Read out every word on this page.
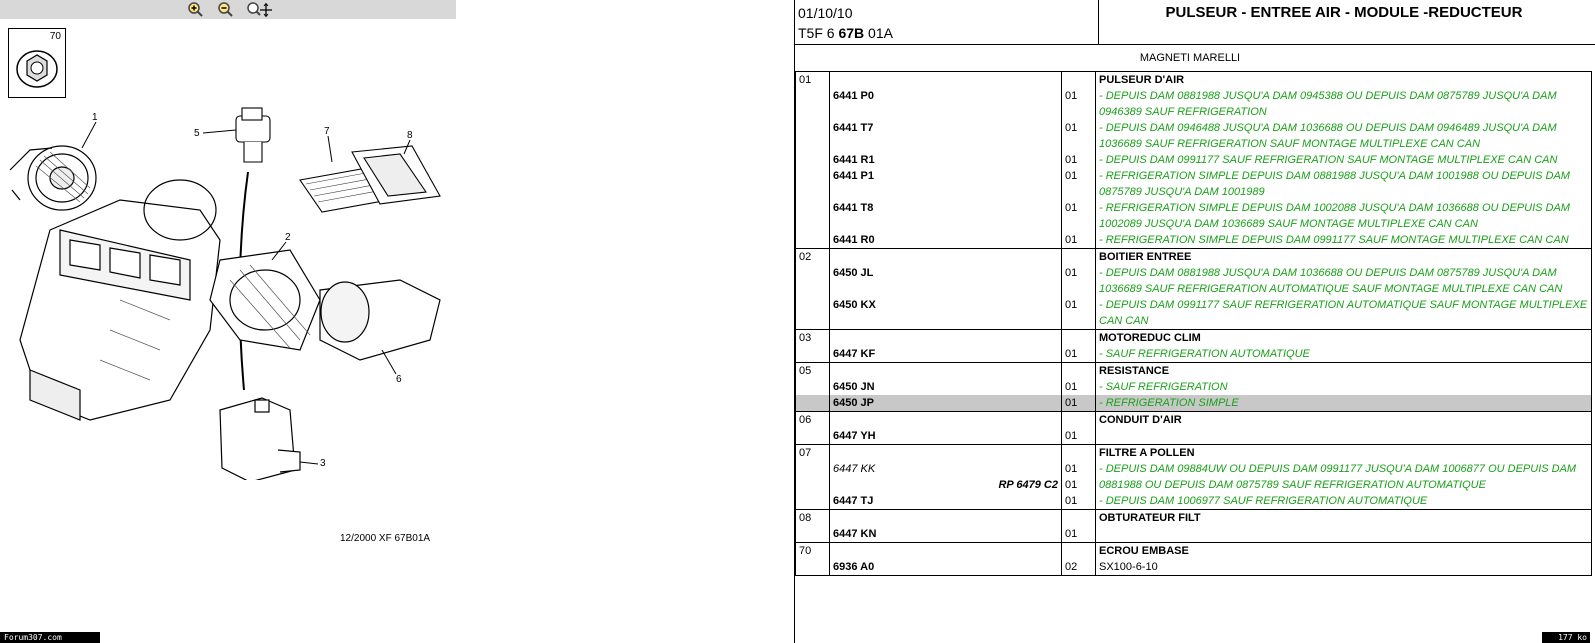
70
1
5	7	8
2
6
3
12/2000 XF 67B01A
Forum307.com
01/10/10
T5F 6 67B 01A
PULSEUR - ENTREE AIR - MODULE -REDUCTEUR
MAGNETI MARELLI
01			PULSEUR D'AIR

	6441 P0	01	- DEPUIS DAM 0881988 JUSQU'A DAM 0945388 OU DEPUIS DAM 0875789 JUSQU'A DAM 0946389 SAUF REFRIGERATION

	6441 T7	01	- DEPUIS DAM 0946488 JUSQU'A DAM 1036688 OU DEPUIS DAM 0946489 JUSQU'A DAM 1036689 SAUF REFRIGERATION SAUF MONTAGE MULTIPLEXE CAN CAN

	6441 R1	01	- DEPUIS DAM 0991177 SAUF REFRIGERATION SAUF MONTAGE MULTIPLEXE CAN CAN

	6441 P1	01	- REFRIGERATION SIMPLE DEPUIS DAM 0881988 JUSQU'A DAM 1001988 OU DEPUIS DAM 0875789 JUSQU'A DAM 1001989

	6441 T8	01	- REFRIGERATION SIMPLE DEPUIS DAM 1002088 JUSQU'A DAM 1036688 OU DEPUIS DAM 1002089 JUSQU'A DAM 1036689 SAUF MONTAGE MULTIPLEXE CAN CAN

	6441 R0	01	- REFRIGERATION SIMPLE DEPUIS DAM 0991177 SAUF MONTAGE MULTIPLEXE CAN CAN

02			BOITIER ENTREE

	6450 JL	01	- DEPUIS DAM 0881988 JUSQU'A DAM 1036688 OU DEPUIS DAM 0875789 JUSQU'A DAM 1036689 SAUF REFRIGERATION AUTOMATIQUE SAUF MONTAGE MULTIPLEXE CAN CAN

	6450 KX	01	- DEPUIS DAM 0991177 SAUF REFRIGERATION AUTOMATIQUE SAUF MONTAGE MULTIPLEXE CAN CAN

03			MOTOREDUC CLIM

	6447 KF	01	- SAUF REFRIGERATION AUTOMATIQUE

05			RESISTANCE

	6450 JN	01	- SAUF REFRIGERATION

	6450 JP	01	- REFRIGERATION SIMPLE

06			CONDUIT D'AIR

	6447 YH	01	
07			FILTRE A POLLEN

	6447 KK	01	- DEPUIS DAM 09884UW OU DEPUIS DAM 0991177 JUSQU'A DAM 1006877 OU DEPUIS DAM

	RP 6479 C2	01	0881988 OU DEPUIS DAM 0875789 SAUF REFRIGERATION AUTOMATIQUE

	6447 TJ	01	- DEPUIS DAM 1006977 SAUF REFRIGERATION AUTOMATIQUE

08			OBTURATEUR FILT

	6447 KN	01	
70			ECROU EMBASE

	6936 A0	02	SX100-6-10
177 ko
